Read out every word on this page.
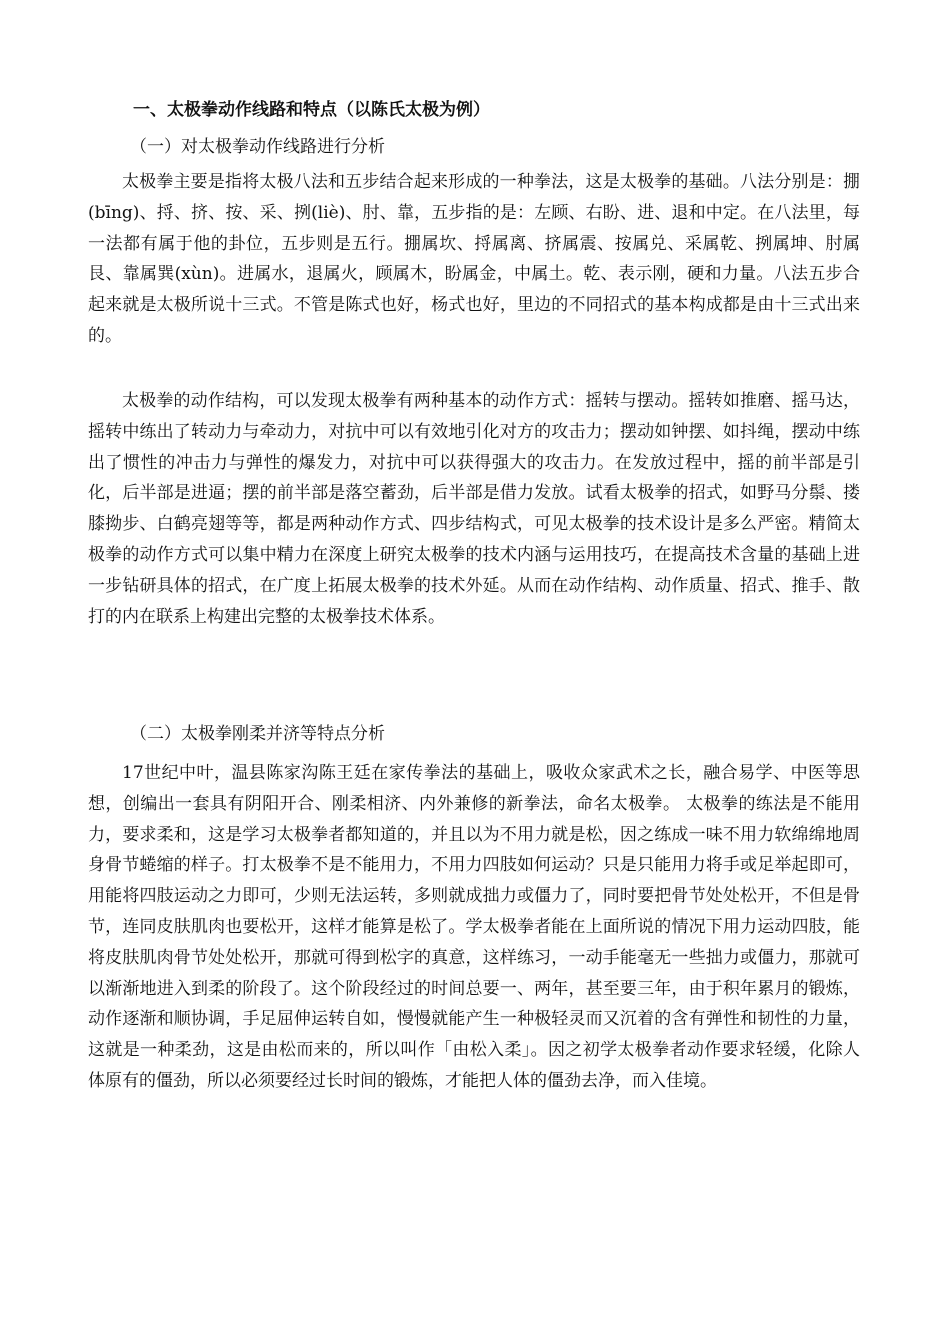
一、太极拳动作线路和特点（以陈氏太极为例）
（一）对太极拳动作线路进行分析

太极拳主要是指将太极八法和五步结合起来形成的一种拳法，这是太极拳的基础。八法分别是：掤(bīng)、捋、挤、按、采、挒(liè)、肘、靠，五步指的是：左顾、右盼、进、退和中定。在八法里，每一法都有属于他的卦位，五步则是五行。掤属坎、捋属离、挤属震、按属兑、采属乾、挒属坤、肘属艮、靠属巽(xùn)。进属水，退属火，顾属木，盼属金，中属土。乾、表示刚，硬和力量。八法五步合起来就是太极所说十三式。不管是陈式也好，杨式也好，里边的不同招式的基本构成都是由十三式出来的。

太极拳的动作结构，可以发现太极拳有两种基本的动作方式：摇转与摆动。摇转如推磨、摇马达，摇转中练出了转动力与牵动力，对抗中可以有效地引化对方的攻击力；摆动如钟摆、如抖绳，摆动中练出了惯性的冲击力与弹性的爆发力，对抗中可以获得强大的攻击力。在发放过程中，摇的前半部是引化，后半部是进逼；摆的前半部是落空蓄劲，后半部是借力发放。试看太极拳的招式，如野马分鬃、搂膝拗步、白鹤亮翅等等，都是两种动作方式、四步结构式，可见太极拳的技术设计是多么严密。精简太极拳的动作方式可以集中精力在深度上研究太极拳的技术内涵与运用技巧，在提高技术含量的基础上进一步钻研具体的招式，在广度上拓展太极拳的技术外延。从而在动作结构、动作质量、招式、推手、散打的内在联系上构建出完整的太极拳技术体系。

（二）太极拳刚柔并济等特点分析

17世纪中叶，温县陈家沟陈王廷在家传拳法的基础上，吸收众家武术之长，融合易学、中医等思想，创编出一套具有阴阳开合、刚柔相济、内外兼修的新拳法，命名太极拳。 太极拳的练法是不能用力，要求柔和，这是学习太极拳者都知道的，并且以为不用力就是松，因之练成一味不用力软绵绵地周身骨节蜷缩的样子。打太极拳不是不能用力，不用力四肢如何运动？只是只能用力将手或足举起即可，用能将四肢运动之力即可，少则无法运转，多则就成拙力或僵力了，同时要把骨节处处松开，不但是骨节，连同皮肤肌肉也要松开，这样才能算是松了。学太极拳者能在上面所说的情况下用力运动四肢，能将皮肤肌肉骨节处处松开，那就可得到松字的真意，这样练习，一动手能毫无一些拙力或僵力，那就可以渐渐地进入到柔的阶段了。这个阶段经过的时间总要一、两年，甚至要三年，由于积年累月的锻炼，动作逐渐和顺协调，手足屈伸运转自如，慢慢就能产生一种极轻灵而又沉着的含有弹性和韧性的力量，这就是一种柔劲，这是由松而来的，所以叫作「由松入柔」。因之初学太极拳者动作要求轻缓，化除人体原有的僵劲，所以必须要经过长时间的锻炼，才能把人体的僵劲去净，而入佳境。
